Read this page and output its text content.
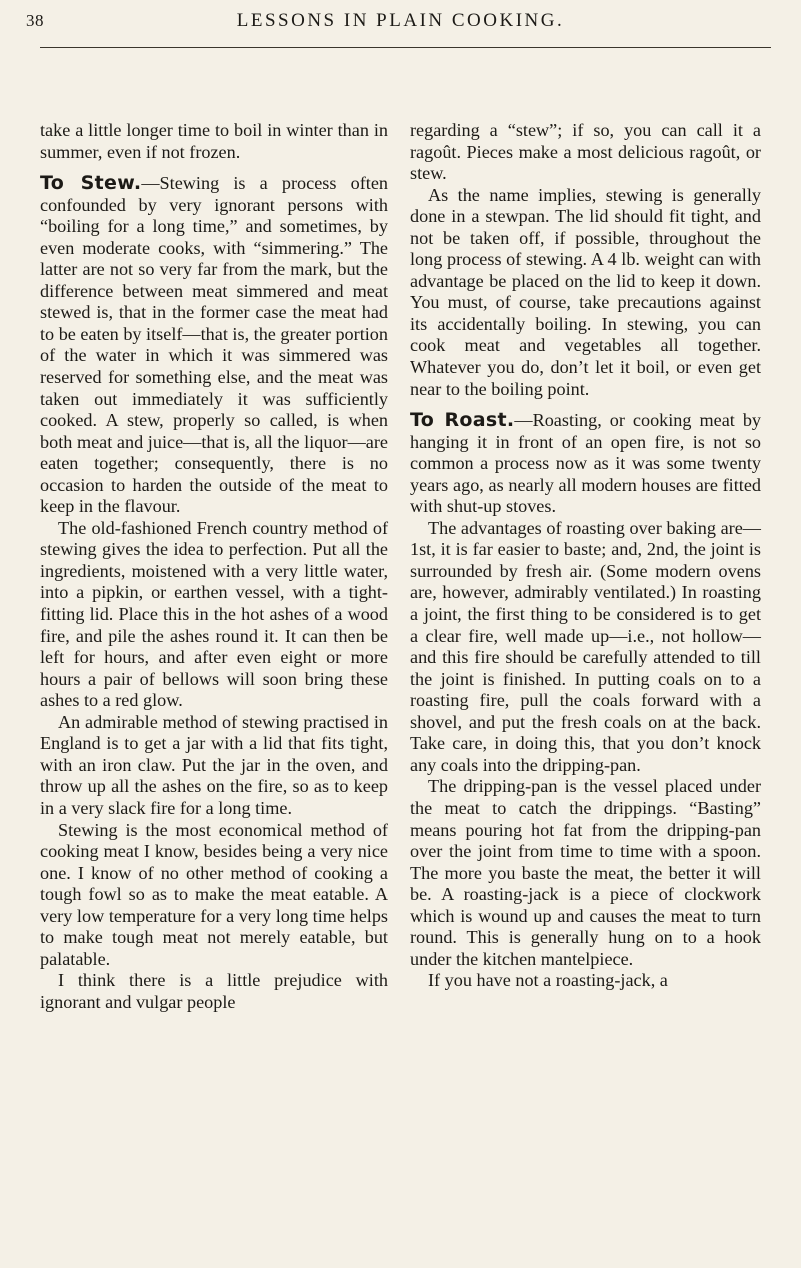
38	LESSONS IN PLAIN COOKING.

take a little longer time to boil in winter than in summer, even if not frozen.

To Stew.—Stewing is a process often confounded by very ignorant persons with “boiling for a long time,” and sometimes, by even moderate cooks, with “simmering.” The latter are not so very far from the mark, but the difference between meat simmered and meat stewed is, that in the former case the meat had to be eaten by itself—that is, the greater portion of the water in which it was simmered was reserved for something else, and the meat was taken out immediately it was sufficiently cooked. A stew, properly so called, is when both meat and juice—that is, all the liquor—are eaten together; consequently, there is no occasion to harden the outside of the meat to keep in the flavour.

The old-fashioned French country method of stewing gives the idea to perfection. Put all the ingredients, moistened with a very little water, into a pipkin, or earthen vessel, with a tight-fitting lid. Place this in the hot ashes of a wood fire, and pile the ashes round it. It can then be left for hours, and after even eight or more hours a pair of bellows will soon bring these ashes to a red glow.

An admirable method of stewing practised in England is to get a jar with a lid that fits tight, with an iron claw. Put the jar in the oven, and throw up all the ashes on the fire, so as to keep in a very slack fire for a long time.

Stewing is the most economical method of cooking meat I know, besides being a very nice one. I know of no other method of cooking a tough fowl so as to make the meat eatable. A very low temperature for a very long time helps to make tough meat not merely eatable, but palatable.

I think there is a little prejudice with ignorant and vulgar people

regarding a “stew”; if so, you can call it a ragoût. Pieces make a most delicious ragoût, or stew.

As the name implies, stewing is generally done in a stewpan. The lid should fit tight, and not be taken off, if possible, throughout the long process of stewing. A 4 lb. weight can with advantage be placed on the lid to keep it down. You must, of course, take precautions against its accidentally boiling. In stewing, you can cook meat and vegetables all together. Whatever you do, don’t let it boil, or even get near to the boiling point.

To Roast.—Roasting, or cooking meat by hanging it in front of an open fire, is not so common a process now as it was some twenty years ago, as nearly all modern houses are fitted with shut-up stoves.

The advantages of roasting over baking are—1st, it is far easier to baste; and, 2nd, the joint is surrounded by fresh air. (Some modern ovens are, however, admirably ventilated.) In roasting a joint, the first thing to be considered is to get a clear fire, well made up—i.e., not hollow—and this fire should be carefully attended to till the joint is finished. In putting coals on to a roasting fire, pull the coals forward with a shovel, and put the fresh coals on at the back. Take care, in doing this, that you don’t knock any coals into the dripping-pan.

The dripping-pan is the vessel placed under the meat to catch the drippings. “Basting” means pouring hot fat from the dripping-pan over the joint from time to time with a spoon. The more you baste the meat, the better it will be. A roasting-jack is a piece of clockwork which is wound up and causes the meat to turn round. This is generally hung on to a hook under the kitchen mantelpiece.

If you have not a roasting-jack, a
